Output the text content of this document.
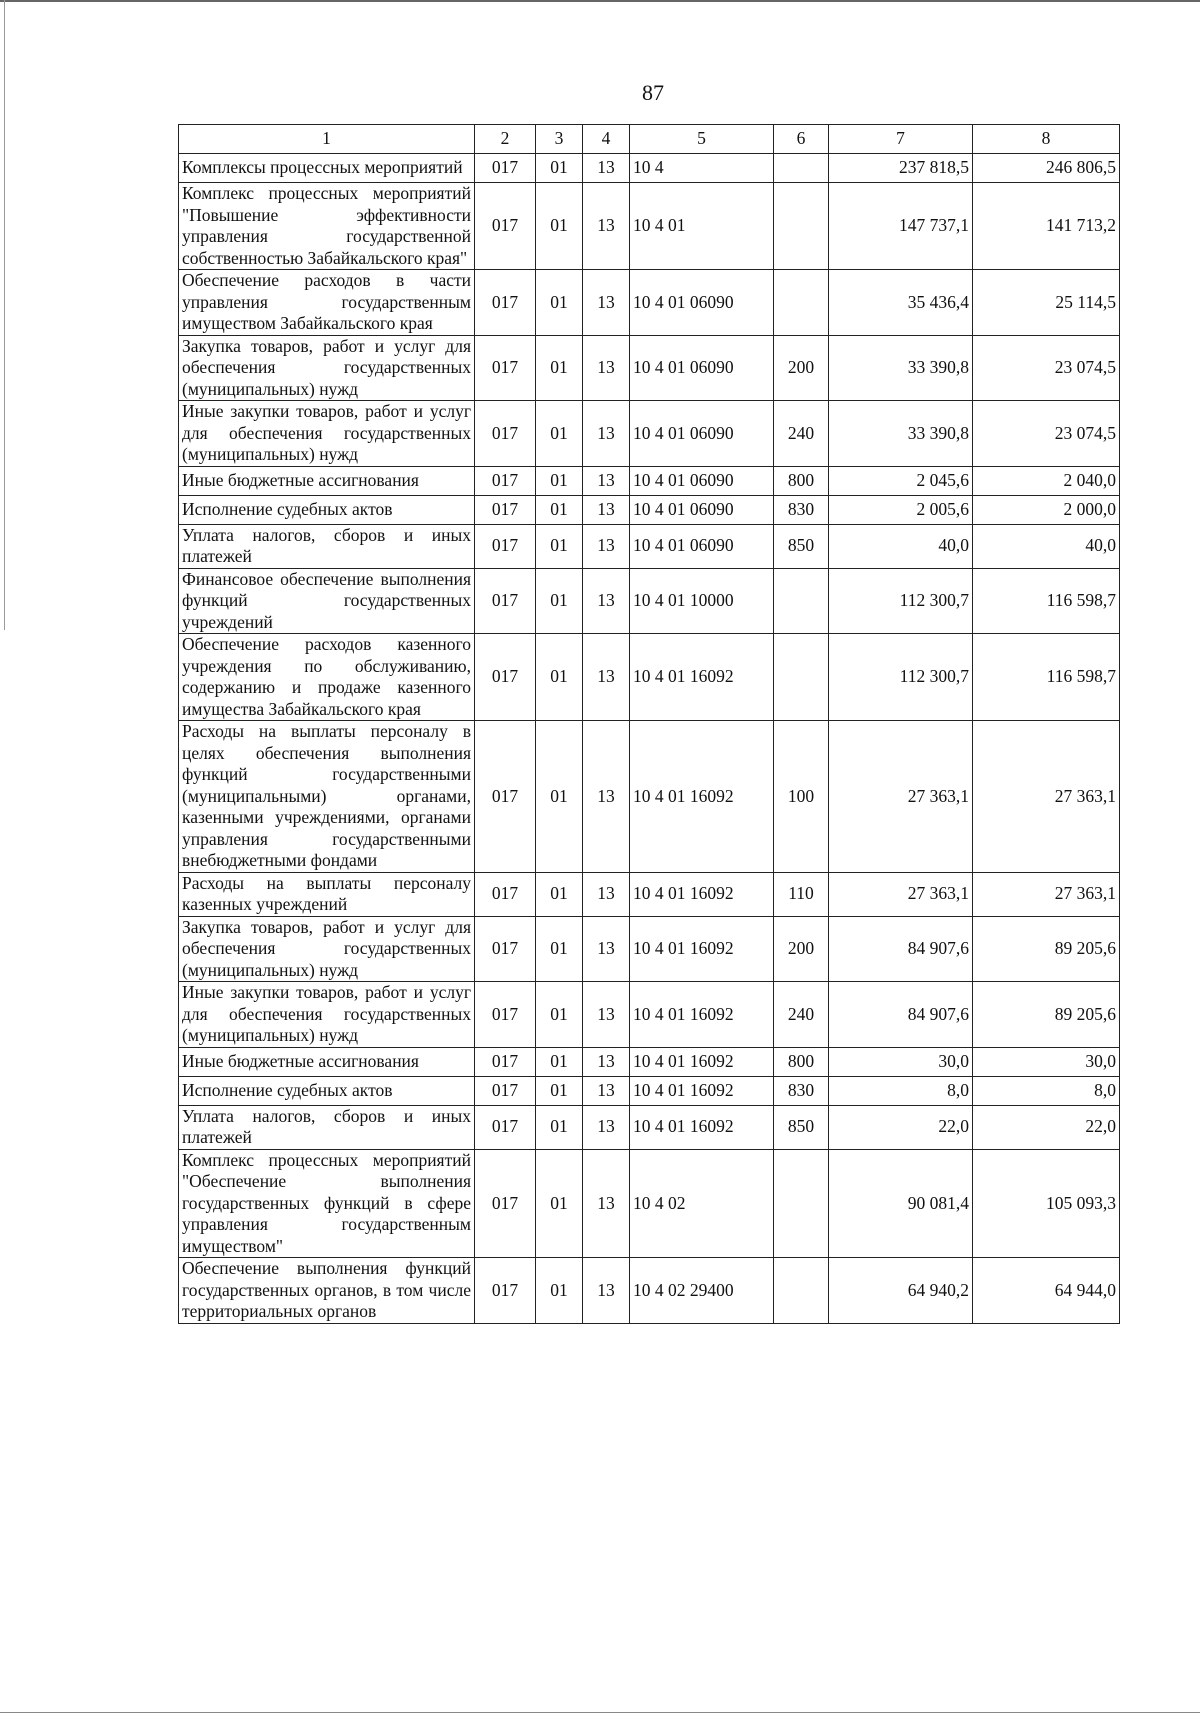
87
1	2	3	4	5	6	7	8
Комплексы процессных мероприятий	017	01	13	10 4		237 818,5	246 806,5
Комплекс процессных мероприятий "Повышение эффективности управления государственной собственностью Забайкальского края"	017	01	13	10 4 01		147 737,1	141 713,2
Обеспечение расходов в части управления государственным имуществом Забайкальского края	017	01	13	10 4 01 06090		35 436,4	25 114,5
Закупка товаров, работ и услуг для обеспечения государственных (муниципальных) нужд	017	01	13	10 4 01 06090	200	33 390,8	23 074,5
Иные закупки товаров, работ и услуг для обеспечения государственных (муниципальных) нужд	017	01	13	10 4 01 06090	240	33 390,8	23 074,5
Иные бюджетные ассигнования	017	01	13	10 4 01 06090	800	2 045,6	2 040,0
Исполнение судебных актов	017	01	13	10 4 01 06090	830	2 005,6	2 000,0
Уплата налогов, сборов и иных платежей	017	01	13	10 4 01 06090	850	40,0	40,0
Финансовое обеспечение выполнения функций государственных учреждений	017	01	13	10 4 01 10000		112 300,7	116 598,7
Обеспечение расходов казенного учреждения по обслуживанию, содержанию и продаже казенного имущества Забайкальского края	017	01	13	10 4 01 16092		112 300,7	116 598,7
Расходы на выплаты персоналу в целях обеспечения выполнения функций государственными (муниципальными) органами, казенными учреждениями, органами управления государственными внебюджетными фондами	017	01	13	10 4 01 16092	100	27 363,1	27 363,1
Расходы на выплаты персоналу казенных учреждений	017	01	13	10 4 01 16092	110	27 363,1	27 363,1
Закупка товаров, работ и услуг для обеспечения государственных (муниципальных) нужд	017	01	13	10 4 01 16092	200	84 907,6	89 205,6
Иные закупки товаров, работ и услуг для обеспечения государственных (муниципальных) нужд	017	01	13	10 4 01 16092	240	84 907,6	89 205,6
Иные бюджетные ассигнования	017	01	13	10 4 01 16092	800	30,0	30,0
Исполнение судебных актов	017	01	13	10 4 01 16092	830	8,0	8,0
Уплата налогов, сборов и иных платежей	017	01	13	10 4 01 16092	850	22,0	22,0
Комплекс процессных мероприятий "Обеспечение выполнения государственных функций в сфере управления государственным имуществом"	017	01	13	10 4 02		90 081,4	105 093,3
Обеспечение выполнения функций государственных органов, в том числе территориальных органов	017	01	13	10 4 02 29400		64 940,2	64 944,0
